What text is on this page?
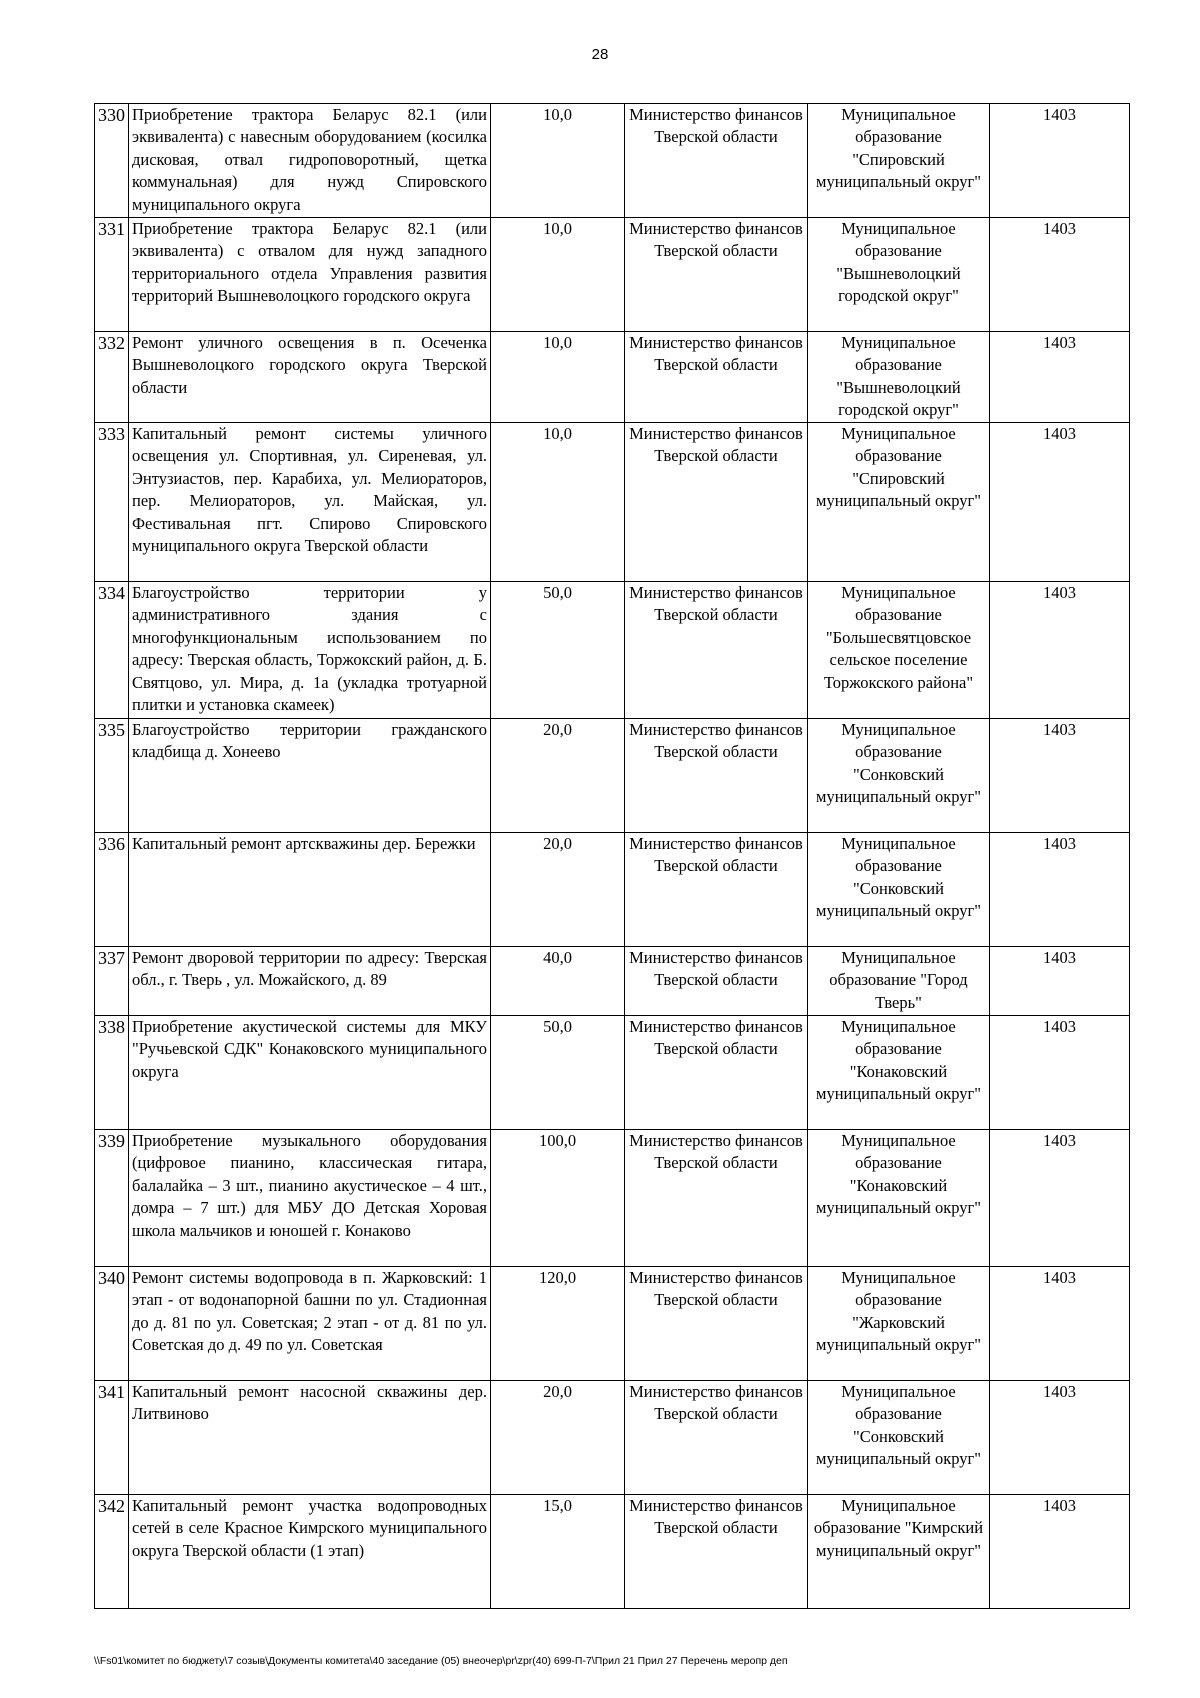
28
330	Приобретение трактора Беларус 82.1 (или эквивалента) с навесным оборудованием (косилка дисковая, отвал гидроповоротный, щетка коммунальная) для нужд Спировского муниципального округа	10,0	Министерство финансов Тверской области	Муниципальное образование "Спировский муниципальный округ"	1403
331	Приобретение трактора Беларус 82.1 (или эквивалента) с отвалом для нужд западного территориального отдела Управления развития территорий Вышневолоцкого городского округа	10,0	Министерство финансов Тверской области	Муниципальное образование "Вышневолоцкий городской округ"	1403
332	Ремонт уличного освещения в п. Осеченка Вышневолоцкого городского округа Тверской области	10,0	Министерство финансов Тверской области	Муниципальное образование "Вышневолоцкий городской округ"	1403
333	Капитальный ремонт системы уличного освещения ул. Спортивная, ул. Сиреневая, ул. Энтузиастов, пер. Карабиха, ул. Мелиораторов, пер. Мелиораторов, ул. Майская, ул. Фестивальная пгт. Спирово Спировского муниципального округа Тверской области	10,0	Министерство финансов Тверской области	Муниципальное образование "Спировский муниципальный округ"	1403
334	Благоустройство территории у административного здания с многофункциональным использованием по адресу: Тверская область, Торжокский район, д. Б. Святцово, ул. Мира, д. 1а (укладка тротуарной плитки и установка скамеек)	50,0	Министерство финансов Тверской области	Муниципальное образование "Большесвятцовское сельское поселение Торжокского района"	1403
335	Благоустройство территории гражданского кладбища д. Хонеево	20,0	Министерство финансов Тверской области	Муниципальное образование "Сонковский муниципальный округ"	1403
336	Капитальный ремонт артскважины дер. Бережки	20,0	Министерство финансов Тверской области	Муниципальное образование "Сонковский муниципальный округ"	1403
337	Ремонт дворовой территории по адресу: Тверская обл., г. Тверь , ул. Можайского, д. 89	40,0	Министерство финансов Тверской области	Муниципальное образование "Город Тверь"	1403
338	Приобретение акустической системы для МКУ "Ручьевской СДК" Конаковского муниципального округа	50,0	Министерство финансов Тверской области	Муниципальное образование "Конаковский муниципальный округ"	1403
339	Приобретение музыкального оборудования (цифровое пианино, классическая гитара, балалайка – 3 шт., пианино акустическое – 4 шт., домра – 7 шт.) для МБУ ДО Детская Хоровая школа мальчиков и юношей г. Конаково	100,0	Министерство финансов Тверской области	Муниципальное образование "Конаковский муниципальный округ"	1403
340	Ремонт системы водопровода в п. Жарковский: 1 этап - от водонапорной башни по ул. Стадионная до д. 81 по ул. Советская; 2 этап - от д. 81 по ул. Советская до д. 49 по ул. Советская	120,0	Министерство финансов Тверской области	Муниципальное образование "Жарковский муниципальный округ"	1403
341	Капитальный ремонт насосной скважины дер. Литвиново	20,0	Министерство финансов Тверской области	Муниципальное образование "Сонковский муниципальный округ"	1403
342	Капитальный ремонт участка водопроводных сетей в селе Красное Кимрского муниципального округа Тверской области (1 этап)	15,0	Министерство финансов Тверской области	Муниципальное образование "Кимрский муниципальный округ"	1403
\\Fs01\комитет по бюджету\7 созыв\Документы комитета\40 заседание (05) внеочер\pr\zpr(40) 699-П-7\Прил 21 Прил 27 Перечень меропр деп
